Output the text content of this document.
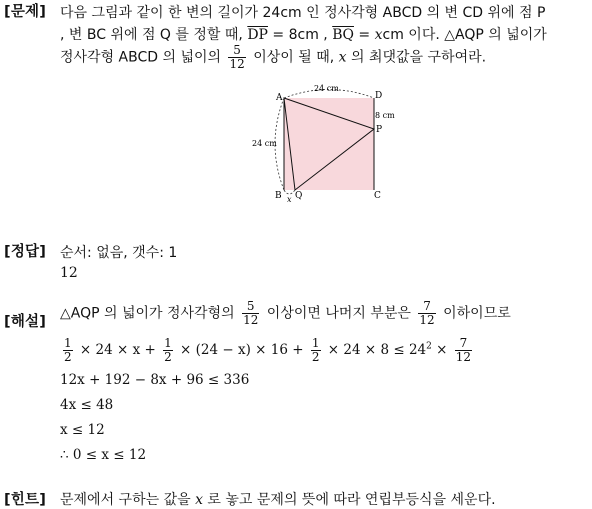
[문제] 다음 그림과 같이 한 변의 길이가 24cm 인 정사각형 ABCD 의 변 CD 위에 점 P
, 변 BC 위에 점 Q 를 정할 때, $\overline{DP} = 8cm$ , $\overline{BQ}$ = xcm 이다. △AQP 의 넓이가
정사각형 ABCD 의 넓이의 $\frac{5}{12}$ 이상이 될 때, x 의 최댓값을 구하여라.
A	D
P
B Q	C
x
24 cm
24 cm
8 cm
[정답] 순서: 없음, 갯수: 1
12
[해설]
△AQP 의 넓이가 정사각형의 $\frac{5}{12}$ 이상이면 나머지 부분은 $\frac{7}{12}$ 이하이므로
$\frac{1}{2} \times 24 \times x + \frac{1}{2} \times (24 - x) \times 16 + \frac{1}{2} \times 24 \times 8 \le 24^2 \times \frac{7}{12}$
12x + 192 − 8x + 96 ≤ 336
4x ≤ 48
x ≤ 12
∴ 0 ≤ x ≤ 12
[힌트] 문제에서 구하는 값을 x 로 놓고 문제의 뜻에 따라 연립부등식을 세운다.
